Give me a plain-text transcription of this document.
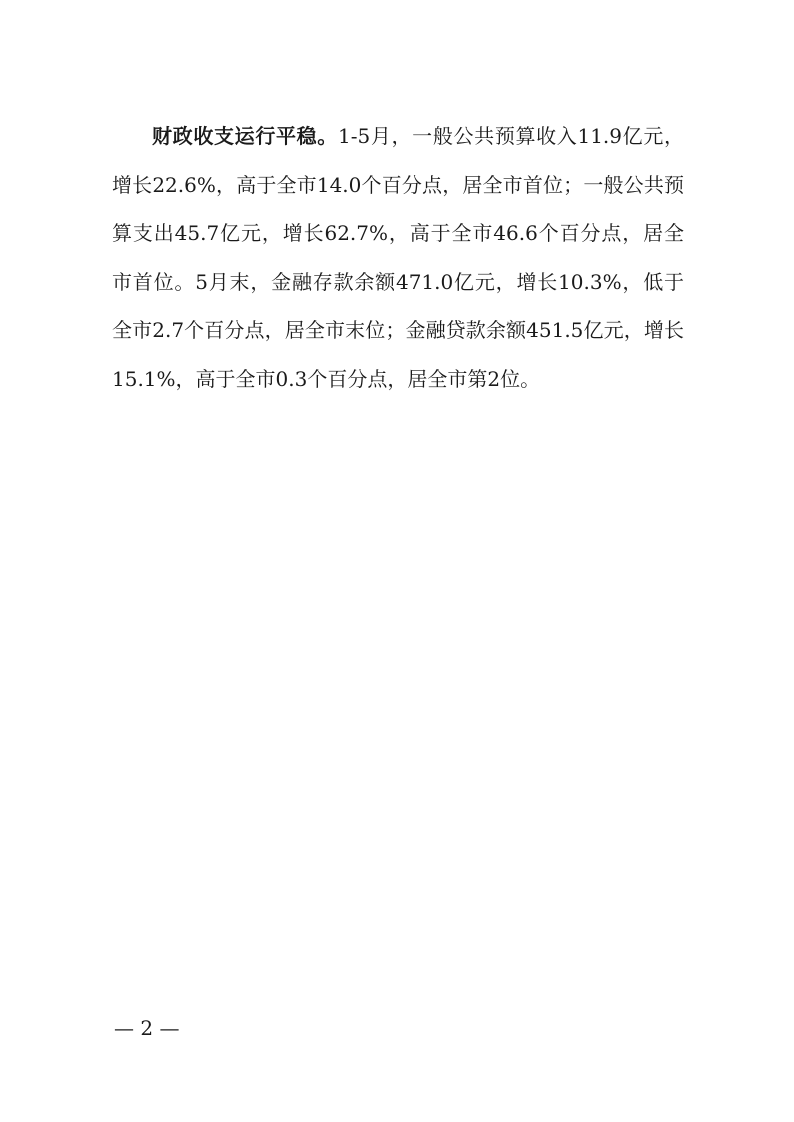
财政收支运行平稳。1-5月，一般公共预算收入11.9亿元，增长22.6%，高于全市14.0个百分点，居全市首位；一般公共预算支出45.7亿元，增长62.7%，高于全市46.6个百分点，居全市首位。5月末，金融存款余额471.0亿元，增长10.3%，低于全市2.7个百分点，居全市末位；金融贷款余额451.5亿元，增长15.1%，高于全市0.3个百分点，居全市第2位。

— 2 —
